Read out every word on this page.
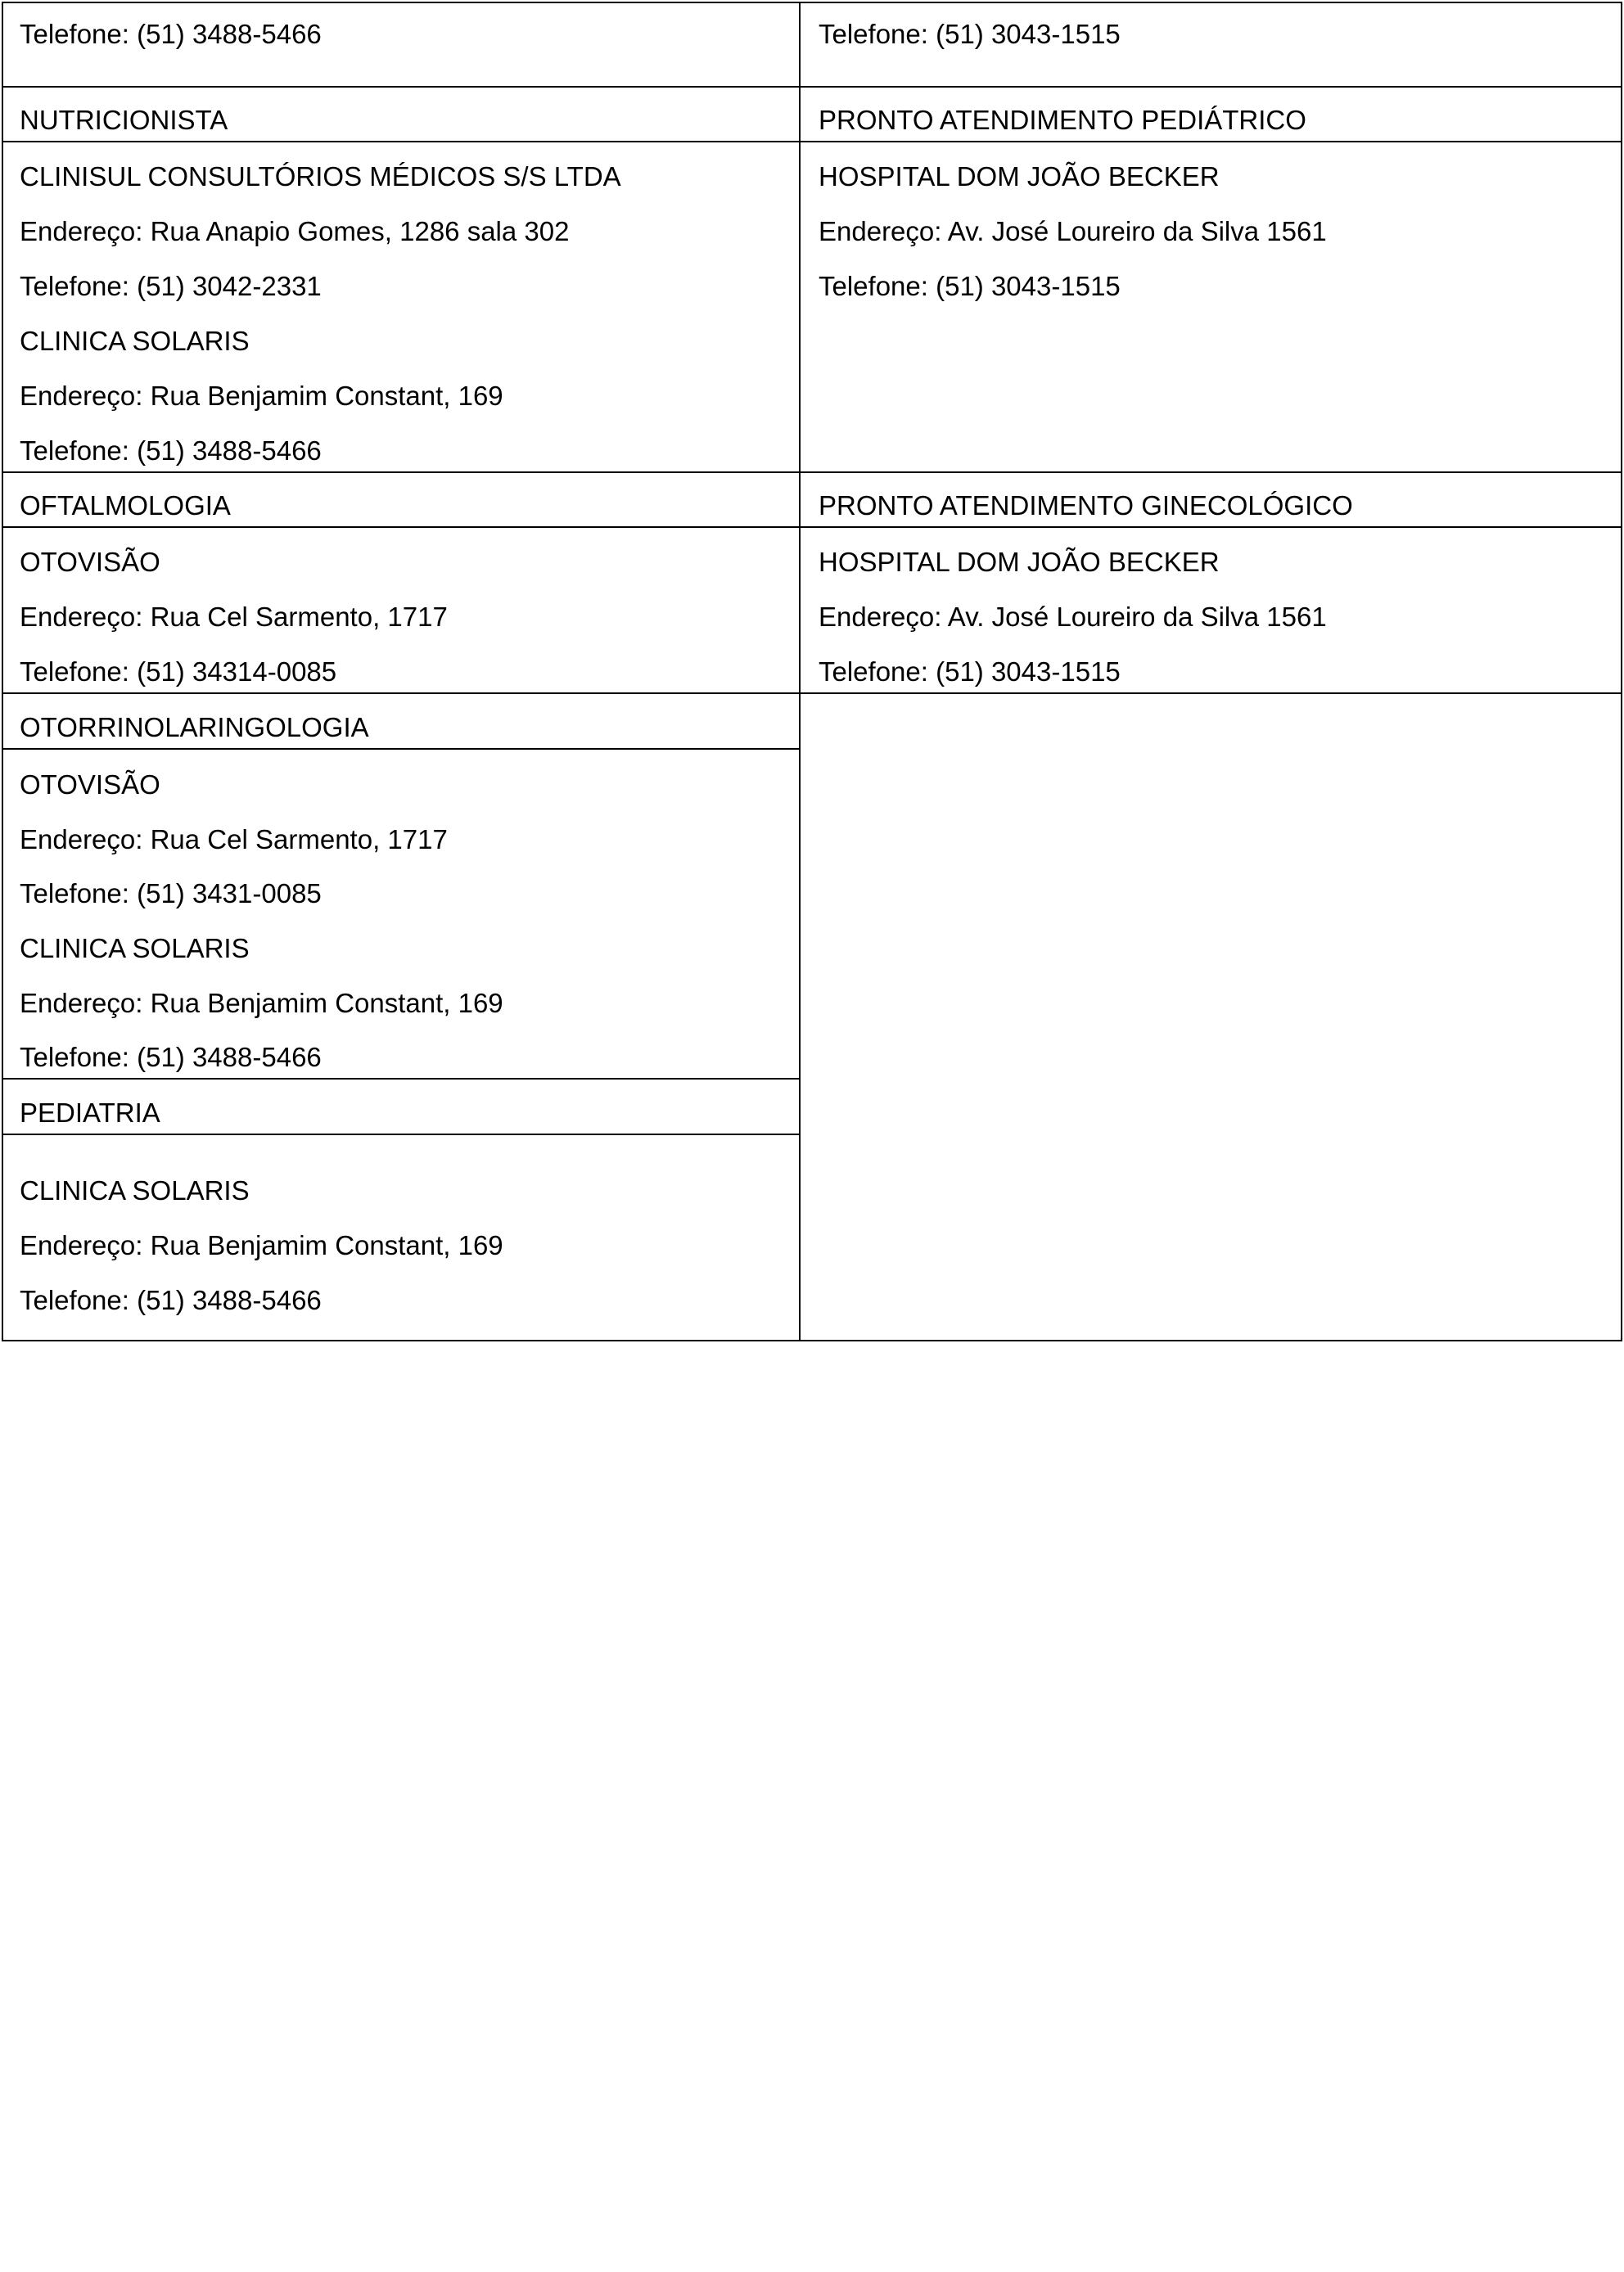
Telefone: (51) 3488-5466
NUTRICIONISTA
CLINISUL CONSULTÓRIOS MÉDICOS S/S LTDA
Endereço: Rua Anapio Gomes, 1286 sala 302
Telefone: (51) 3042-2331
CLINICA SOLARIS
Endereço: Rua Benjamim Constant, 169
Telefone: (51) 3488-5466
OFTALMOLOGIA
OTOVISÃO
Endereço: Rua Cel Sarmento, 1717
Telefone: (51) 34314-0085
OTORRINOLARINGOLOGIA
OTOVISÃO
Endereço: Rua Cel Sarmento, 1717
Telefone: (51) 3431-0085
CLINICA SOLARIS
Endereço: Rua Benjamim Constant, 169
Telefone: (51) 3488-5466
PEDIATRIA
CLINICA SOLARIS
Endereço: Rua Benjamim Constant, 169
Telefone: (51) 3488-5466
Telefone: (51) 3043-1515
PRONTO ATENDIMENTO PEDIÁTRICO
HOSPITAL DOM JOÃO BECKER
Endereço: Av. José Loureiro da Silva 1561
Telefone: (51) 3043-1515
PRONTO ATENDIMENTO GINECOLÓGICO
HOSPITAL DOM JOÃO BECKER
Endereço: Av. José Loureiro da Silva 1561
Telefone: (51) 3043-1515
